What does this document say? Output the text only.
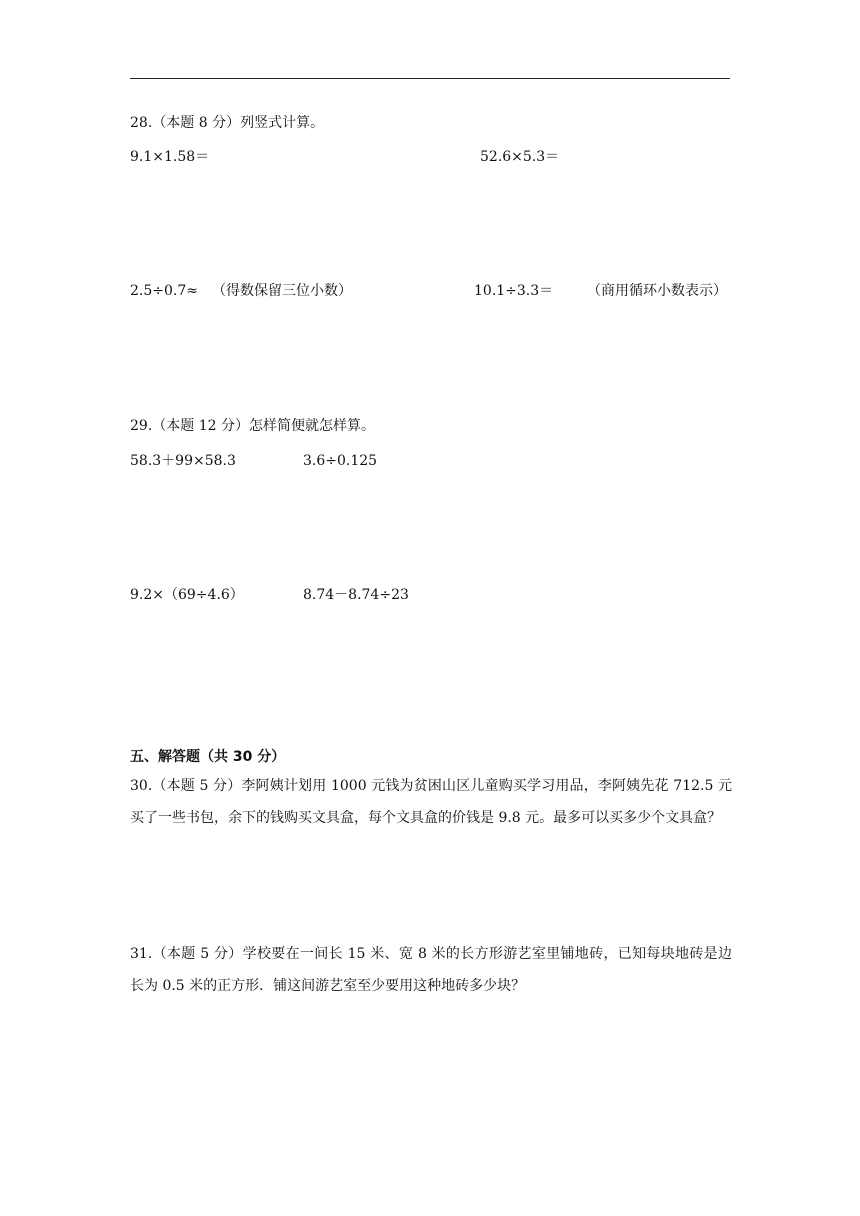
28.（本题 8 分）列竖式计算。
9.1×1.58＝	52.6×5.3＝
2.5÷0.7≈ （得数保留三位小数）	10.1÷3.3＝ （商用循环小数表示）
29.（本题 12 分）怎样简便就怎样算。
58.3＋99×58.3	3.6÷0.125
9.2×（69÷4.6）	8.74－8.74÷23
五、解答题（共 30 分）
30.（本题 5 分）李阿姨计划用 1000 元钱为贫困山区儿童购买学习用品，李阿姨先花 712.5 元买了一些书包，余下的钱购买文具盒，每个文具盒的价钱是 9.8 元。最多可以买多少个文具盒？
31.（本题 5 分）学校要在一间长 15 米、宽 8 米的长方形游艺室里铺地砖，已知每块地砖是边长为 0.5 米的正方形．铺这间游艺室至少要用这种地砖多少块？
